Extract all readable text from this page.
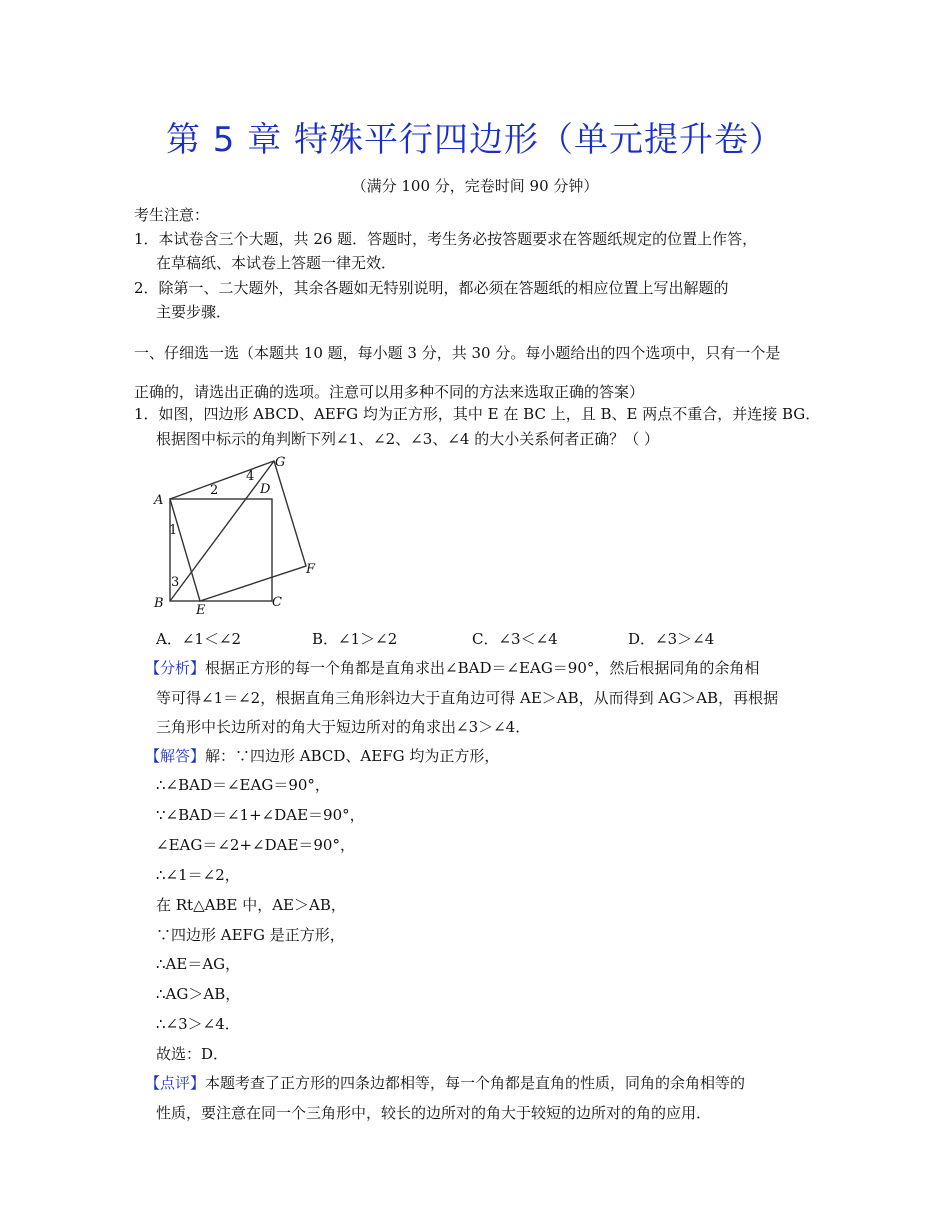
第 5 章 特殊平行四边形（单元提升卷）
（满分 100 分，完卷时间 90 分钟）
考生注意：
1．本试卷含三个大题，共 26 题．答题时，考生务必按答题要求在答题纸规定的位置上作答，
在草稿纸、本试卷上答题一律无效．
2．除第一、二大题外，其余各题如无特别说明，都必须在答题纸的相应位置上写出解题的
主要步骤．
一、仔细选一选（本题共 10 题，每小题 3 分，共 30 分。每小题给出的四个选项中，只有一个是
正确的，请选出正确的选项。注意可以用多种不同的方法来选取正确的答案）
1．如图，四边形 ABCD、AEFG 均为正方形，其中 E 在 BC 上，且 B、E 两点不重合，并连接 BG．
根据图中标示的角判断下列∠1、∠2、∠3、∠4 的大小关系何者正确？（ ）
A
B	C
D
E
F
G
1
2
3
4
A．∠1＜∠2	B．∠1＞∠2	C．∠3＜∠4	D．∠3＞∠4
【分析】根据正方形的每一个角都是直角求出∠BAD＝∠EAG＝90°，然后根据同角的余角相
等可得∠1＝∠2，根据直角三角形斜边大于直角边可得 AE＞AB，从而得到 AG＞AB，再根据
三角形中长边所对的角大于短边所对的角求出∠3＞∠4．
【解答】解：∵四边形 ABCD、AEFG 均为正方形，
∴∠BAD＝∠EAG＝90°，
∵∠BAD＝∠1+∠DAE＝90°，
∠EAG＝∠2+∠DAE＝90°，
∴∠1＝∠2，
在 Rt△ABE 中，AE＞AB，
∵四边形 AEFG 是正方形，
∴AE＝AG，
∴AG＞AB，
∴∠3＞∠4．
故选：D．
【点评】本题考查了正方形的四条边都相等，每一个角都是直角的性质，同角的余角相等的
性质，要注意在同一个三角形中，较长的边所对的角大于较短的边所对的角的应用．
